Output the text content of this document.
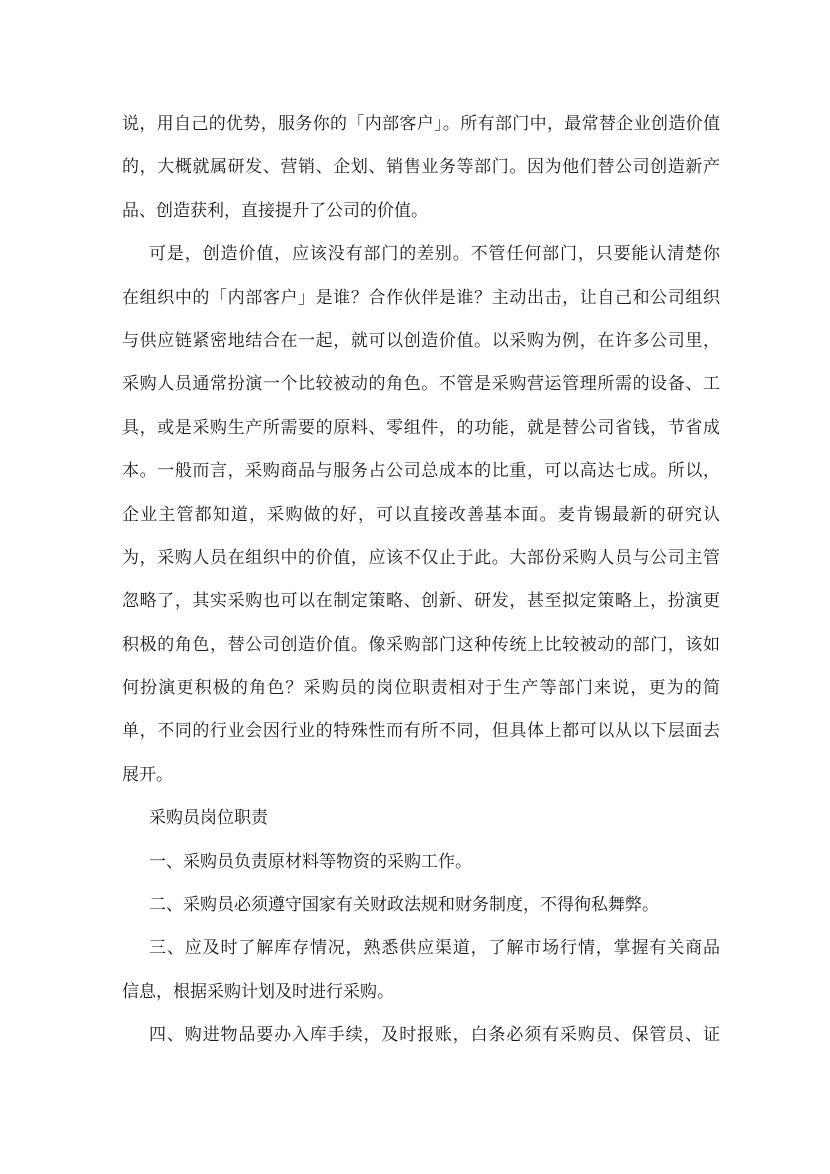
说，用自己的优势，服务你的「内部客户」。所有部门中，最常替企业创造价值
的，大概就属研发、营销、企划、销售业务等部门。因为他们替公司创造新产
品、创造获利，直接提升了公司的价值。
可是，创造价值，应该没有部门的差别。不管任何部门，只要能认清楚你
在组织中的「内部客户」是谁？合作伙伴是谁？主动出击，让自己和公司组织
与供应链紧密地结合在一起，就可以创造价值。以采购为例，在许多公司里，
采购人员通常扮演一个比较被动的角色。不管是采购营运管理所需的设备、工
具，或是采购生产所需要的原料、零组件，的功能，就是替公司省钱，节省成
本。一般而言，采购商品与服务占公司总成本的比重，可以高达七成。所以，
企业主管都知道，采购做的好，可以直接改善基本面。麦肯锡最新的研究认
为，采购人员在组织中的价值，应该不仅止于此。大部份采购人员与公司主管
忽略了，其实采购也可以在制定策略、创新、研发，甚至拟定策略上，扮演更
积极的角色，替公司创造价值。像采购部门这种传统上比较被动的部门，该如
何扮演更积极的角色？采购员的岗位职责相对于生产等部门来说，更为的简
单，不同的行业会因行业的特殊性而有所不同，但具体上都可以从以下层面去
展开。
采购员岗位职责
一、采购员负责原材料等物资的采购工作。
二、采购员必须遵守国家有关财政法规和财务制度，不得徇私舞弊。
三、应及时了解库存情况，熟悉供应渠道，了解市场行情，掌握有关商品
信息，根据采购计划及时进行采购。
四、购进物品要办入库手续，及时报账，白条必须有采购员、保管员、证
